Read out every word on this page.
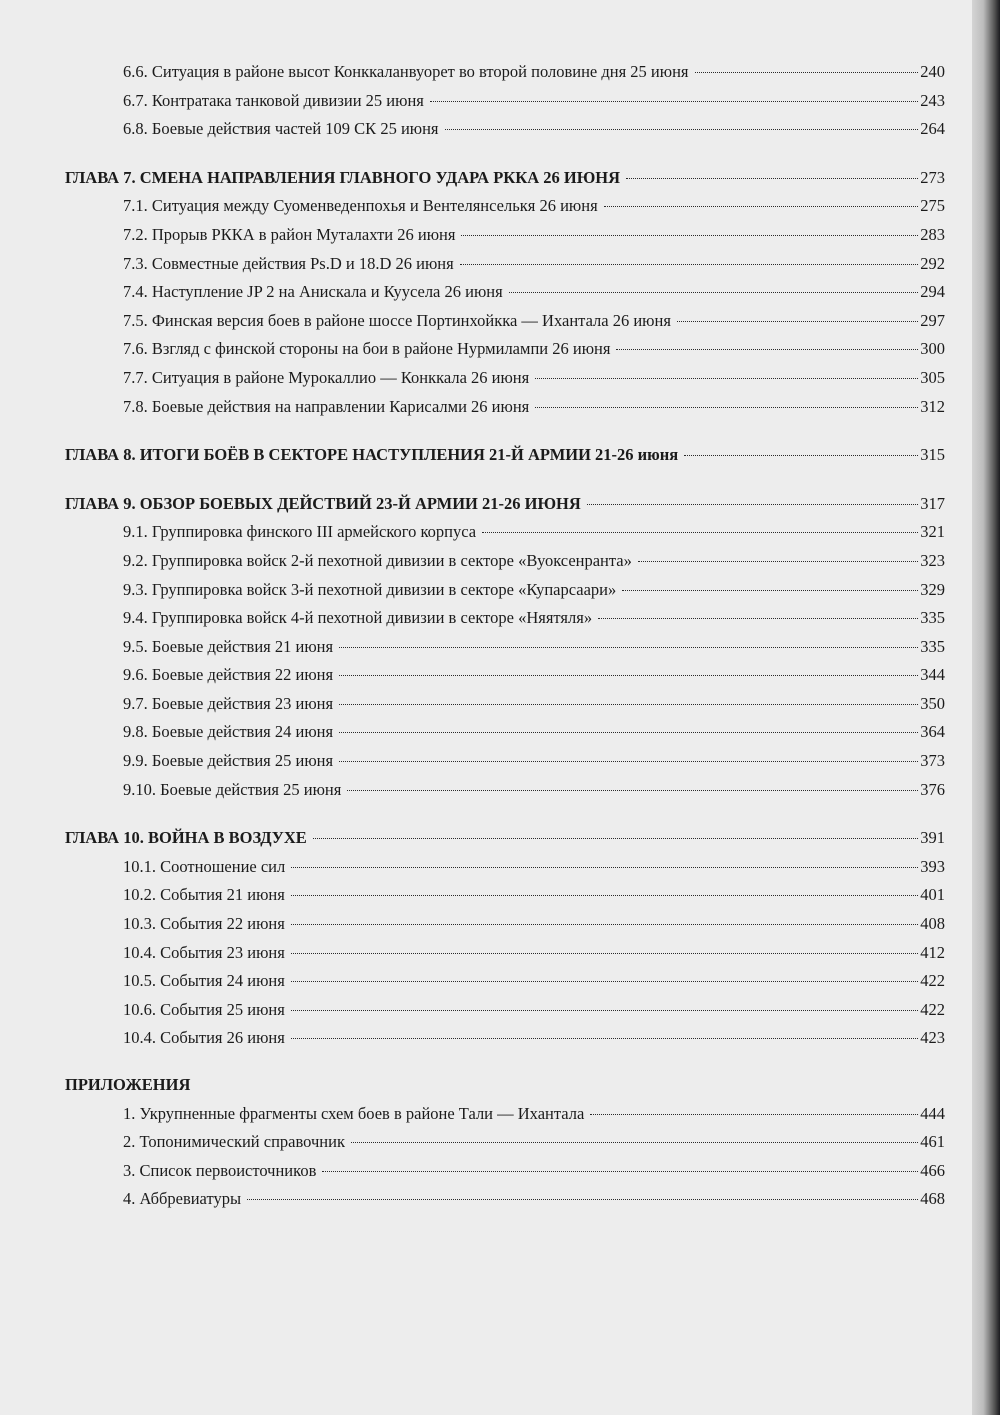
6.6. Ситуация в районе высот Конккаланвуорет во второй половине дня 25 июня	240
6.7. Контратака танковой дивизии 25 июня	243
6.8. Боевые действия частей 109 СК 25 июня	264
ГЛАВА 7. СМЕНА НАПРАВЛЕНИЯ ГЛАВНОГО УДАРА РККА 26 ИЮНЯ	273
7.1. Ситуация между Суоменведенпохья и Вентелянселькя 26 июня	275
7.2. Прорыв РККА в район Муталахти 26 июня	283
7.3. Совместные действия Ps.D и 18.D 26 июня	292
7.4. Наступление JP 2 на Анискала и Куусела 26 июня	294
7.5. Финская версия боев в районе шоссе Портинхойкка — Ихантала 26 июня	297
7.6. Взгляд с финской стороны на бои в районе Нурмилампи 26 июня	300
7.7. Ситуация в районе Мурокаллио — Конккала 26 июня	305
7.8. Боевые действия на направлении Карисалми 26 июня	312
ГЛАВА 8. ИТОГИ БОЁВ В СЕКТОРЕ НАСТУПЛЕНИЯ 21-Й АРМИИ 21-26 июня	315
ГЛАВА 9. ОБЗОР БОЕВЫХ ДЕЙСТВИЙ 23-Й АРМИИ 21-26 ИЮНЯ	317
9.1. Группировка финского III армейского корпуса	321
9.2. Группировка войск 2-й пехотной дивизии в секторе «Вуоксенранта»	323
9.3. Группировка войск 3-й пехотной дивизии в секторе «Купарсаари»	329
9.4. Группировка войск 4-й пехотной дивизии в секторе «Няятяля»	335
9.5. Боевые действия 21 июня	335
9.6. Боевые действия 22 июня	344
9.7. Боевые действия 23 июня	350
9.8. Боевые действия 24 июня	364
9.9. Боевые действия 25 июня	373
9.10. Боевые действия 25 июня	376
ГЛАВА 10. ВОЙНА В ВОЗДУХЕ	391
10.1. Соотношение сил	393
10.2. События 21 июня	401
10.3. События 22 июня	408
10.4. События 23 июня	412
10.5. События 24 июня	422
10.6. События 25 июня	422
10.4. События 26 июня	423
ПРИЛОЖЕНИЯ
1. Укрупненные фрагменты схем боев в районе Тали — Ихантала	444
2. Топонимический справочник	461
3. Список первоисточников	466
4. Аббревиатуры	468
